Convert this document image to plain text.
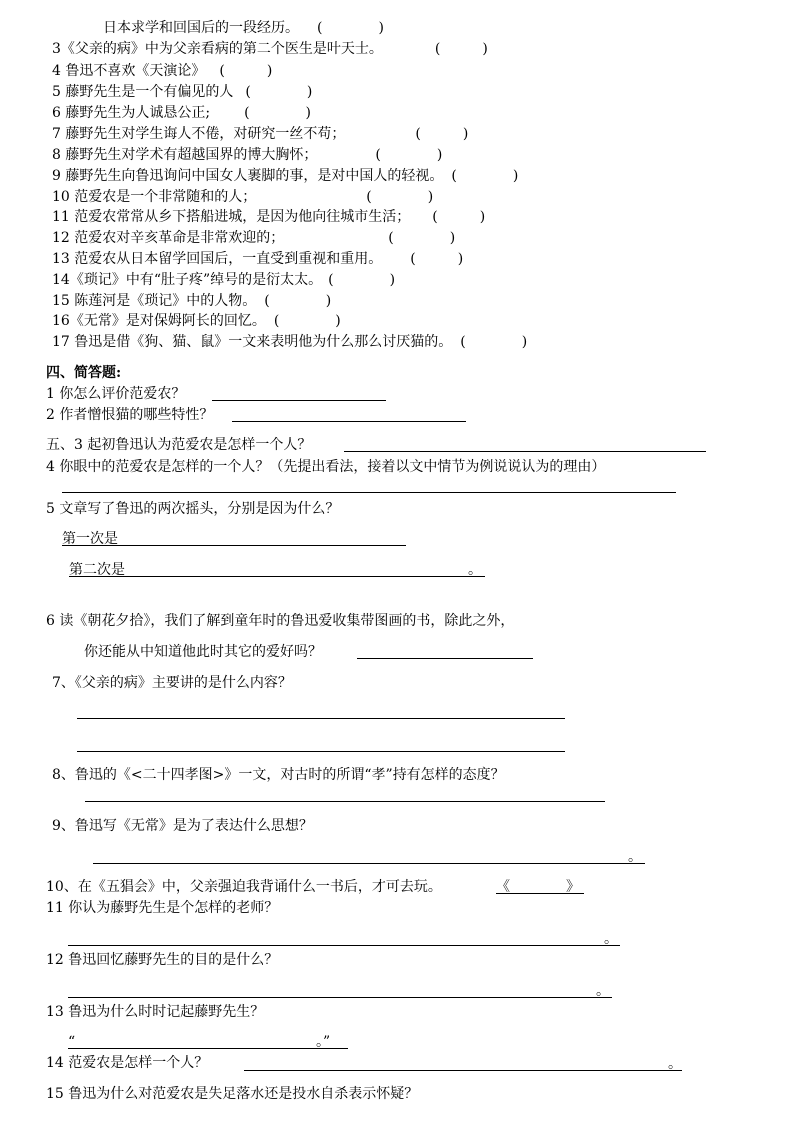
日本求学和回国后的一段经历。 (　　　　)
3《父亲的病》中为父亲看病的第二个医生是叶天士。	(　　　)
4 鲁迅不喜欢《天演论》 (　　　)
5 藤野先生是一个有偏见的人 (　　　　)
6 藤野先生为人诚恳公正; (　　　　)
7 藤野先生对学生诲人不倦，对研究一丝不苟；	(　　　)
8 藤野先生对学术有超越国界的博大胸怀；	(　　　　)
9 藤野先生向鲁迅询问中国女人裹脚的事，是对中国人的轻视。 (　　　　)
10 范爱农是一个非常随和的人；	(　　　　)
11 范爱农常常从乡下搭船进城，是因为他向往城市生活； (　　　)
12 范爱农对辛亥革命是非常欢迎的；	(　　　　)
13 范爱农从日本留学回国后，一直受到重视和重用。 (　　　)
14《琐记》中有“肚子疼”绰号的是衍太太。 (　　　　)
15 陈莲河是《琐记》中的人物。 (　　　　)
16《无常》是对保姆阿长的回忆。 (　　　　)
17 鲁迅是借《狗、猫、鼠》一文来表明他为什么那么讨厌猫的。 (　　　　)
四、简答题:
1 你怎么评价范爱农？
2 作者憎恨猫的哪些特性？
五、3 起初鲁迅认为范爱农是怎样一个人？
4 你眼中的范爱农是怎样的一个人？（先提出看法，接着以文中情节为例说说认为的理由）
5 文章写了鲁迅的两次摇头，分别是因为什么？
第一次是
第二次是	。
6 读《朝花夕拾》，我们了解到童年时的鲁迅爱收集带图画的书，除此之外，
你还能从中知道他此时其它的爱好吗？
7、《父亲的病》主要讲的是什么内容？
8、鲁迅的《<二十四孝图>》一文，对古时的所谓“孝”持有怎样的态度？
9、鲁迅写《无常》是为了表达什么思想？
。
10、在《五猖会》中，父亲强迫我背诵什么一书后，才可去玩。	《　　　　》
11 你认为藤野先生是个怎样的老师？
。
12 鲁迅回忆藤野先生的目的是什么？
。
13 鲁迅为什么时时记起藤野先生？
“	。”
14 范爱农是怎样一个人？	。
15 鲁迅为什么对范爱农是失足落水还是投水自杀表示怀疑？
